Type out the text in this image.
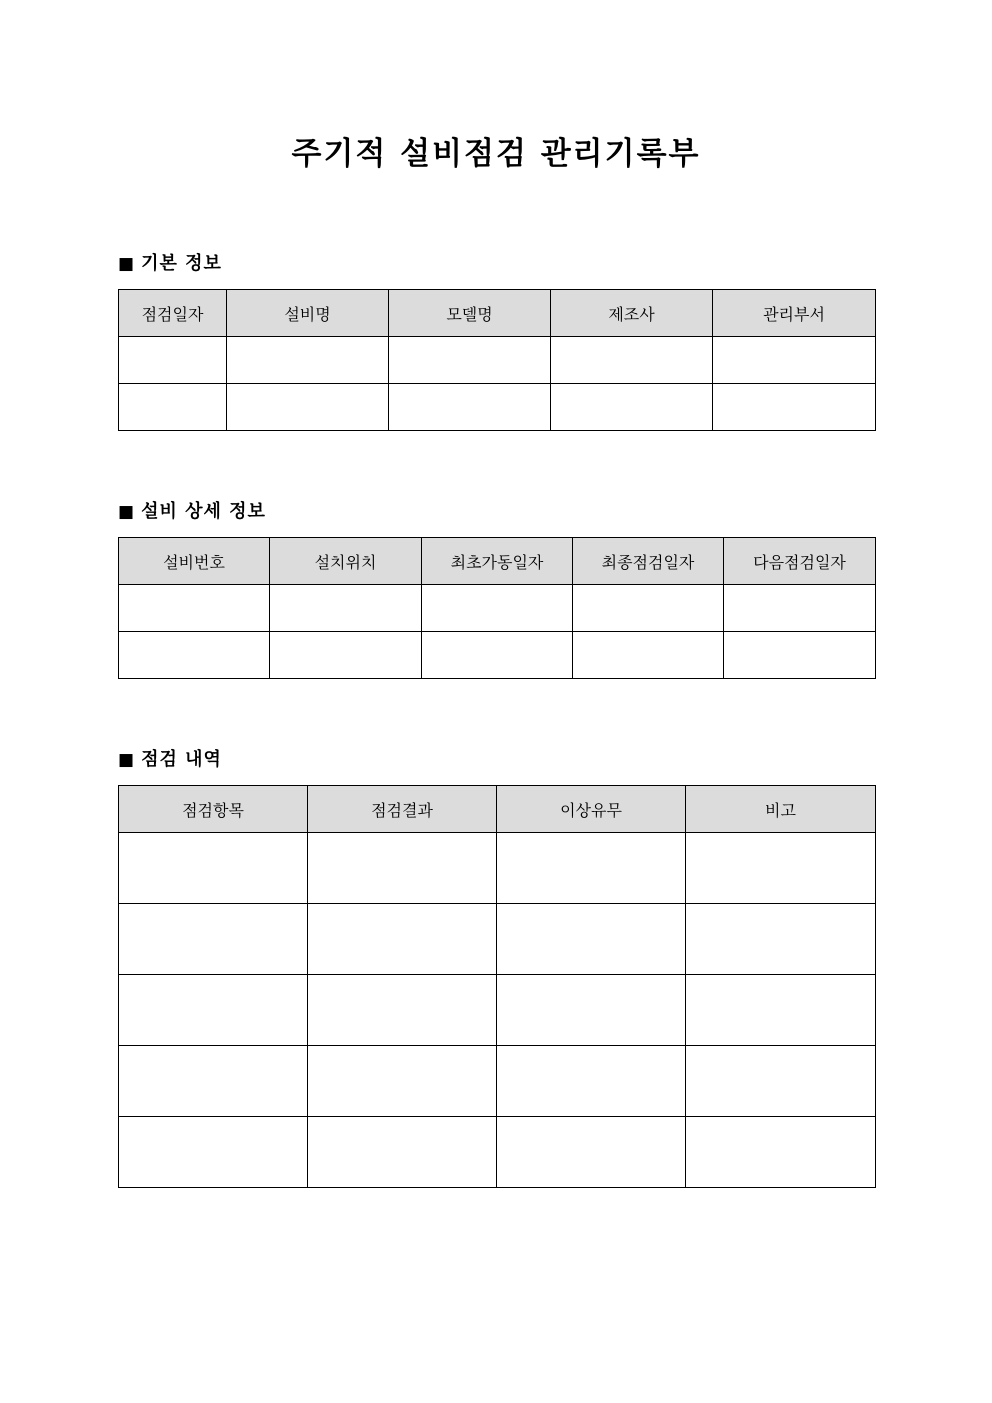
주기적 설비점검 관리기록부
■ 기본 정보
점검일자	설비명	모델명	제조사	관리부서

■ 설비 상세 정보
설비번호	설치위치	최초가동일자	최종점검일자	다음점검일자

■ 점검 내역
점검항목	점검결과	이상유무	비고
